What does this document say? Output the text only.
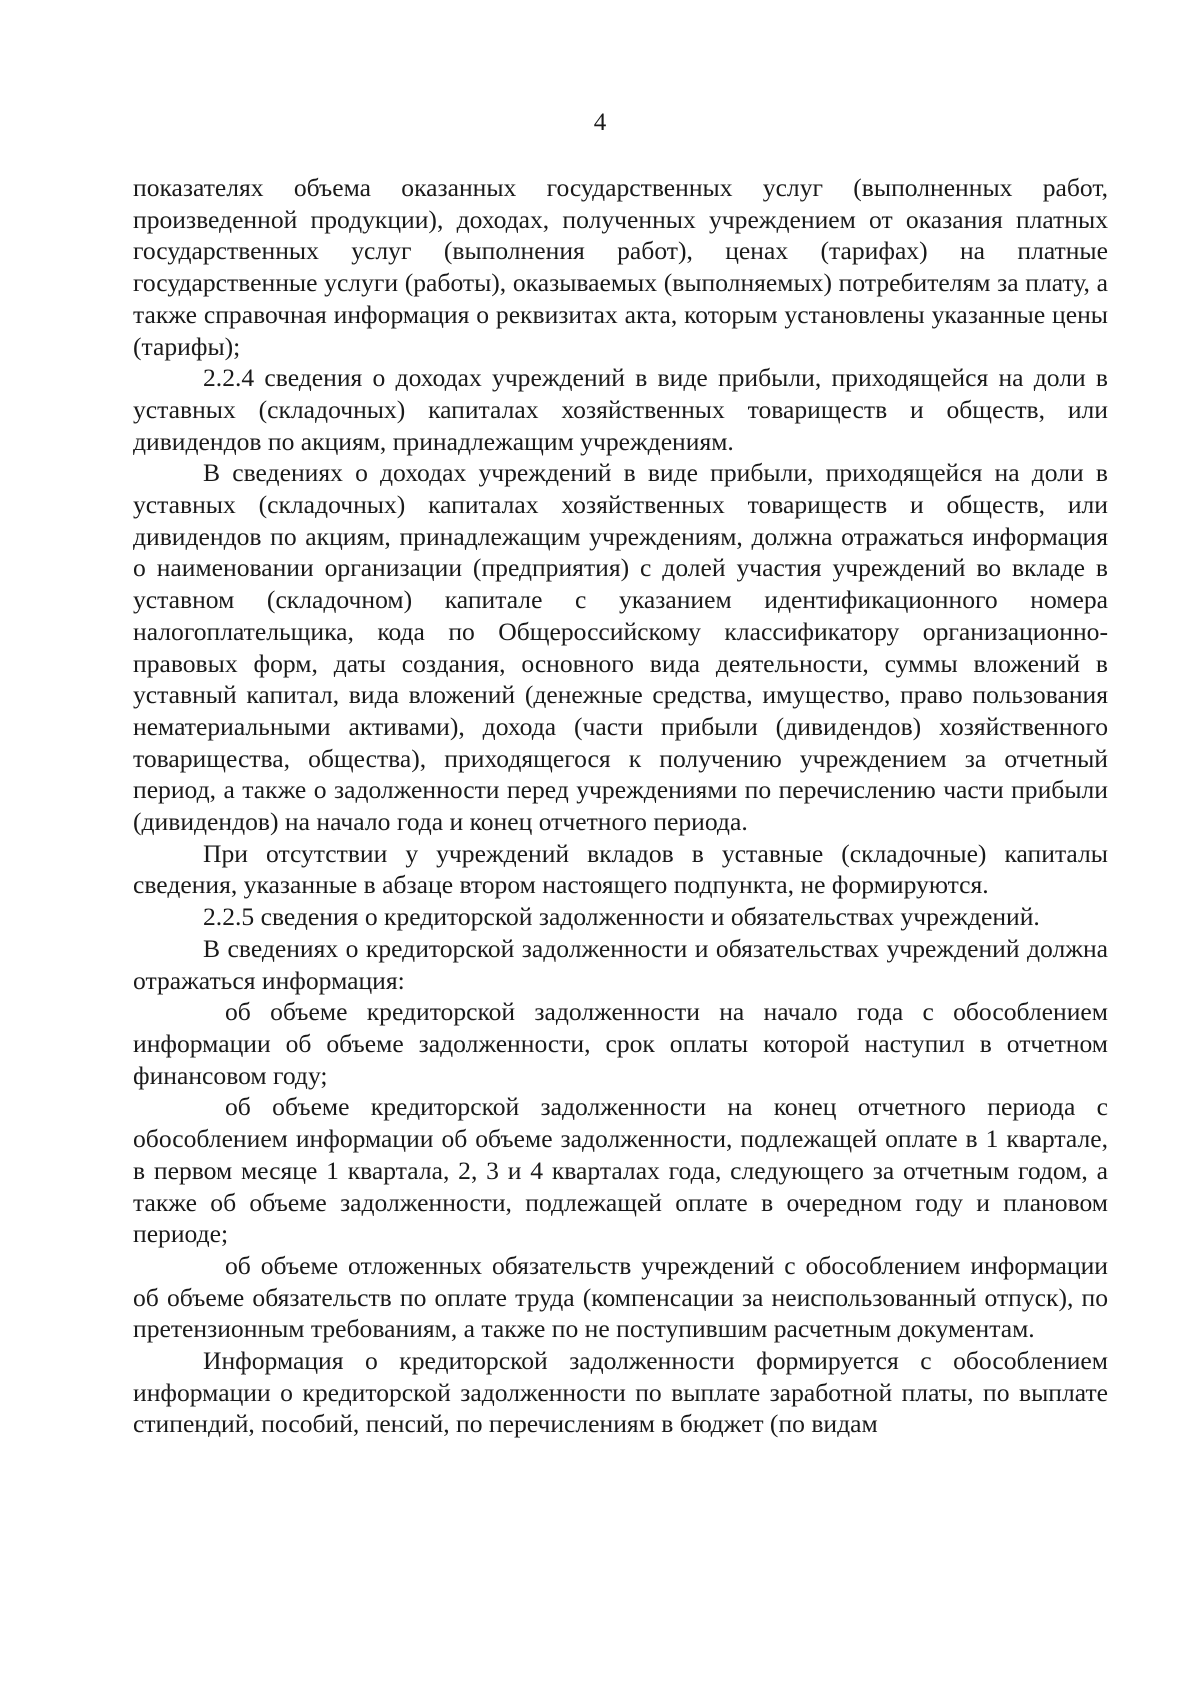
4

показателях объема оказанных государственных услуг (выполненных работ, произведенной продукции), доходах, полученных учреждением от оказания платных государственных услуг (выполнения работ), ценах (тарифах) на платные государственные услуги (работы), оказываемых (выполняемых) потребителям за плату, а также справочная информация о реквизитах акта, которым установлены указанные цены (тарифы);

2.2.4 сведения о доходах учреждений в виде прибыли, приходящейся на доли в уставных (складочных) капиталах хозяйственных товариществ и обществ, или дивидендов по акциям, принадлежащим учреждениям.

В сведениях о доходах учреждений в виде прибыли, приходящейся на доли в уставных (складочных) капиталах хозяйственных товариществ и обществ, или дивидендов по акциям, принадлежащим учреждениям, должна отражаться информация о наименовании организации (предприятия) с долей участия учреждений во вкладе в уставном (складочном) капитале с указанием идентификационного номера налогоплательщика, кода по Общероссийскому классификатору организационно-правовых форм, даты создания, основного вида деятельности, суммы вложений в уставный капитал, вида вложений (денежные средства, имущество, право пользования нематериальными активами), дохода (части прибыли (дивидендов) хозяйственного товарищества, общества), приходящегося к получению учреждением за отчетный период, а также о задолженности перед учреждениями по перечислению части прибыли (дивидендов) на начало года и конец отчетного периода.

При отсутствии у учреждений вкладов в уставные (складочные) капиталы сведения, указанные в абзаце втором настоящего подпункта, не формируются.

2.2.5 сведения о кредиторской задолженности и обязательствах учреждений.

В сведениях о кредиторской задолженности и обязательствах учреждений должна отражаться информация:

об объеме кредиторской задолженности на начало года с обособлением информации об объеме задолженности, срок оплаты которой наступил в отчетном финансовом году;

об объеме кредиторской задолженности на конец отчетного периода с обособлением информации об объеме задолженности, подлежащей оплате в 1 квартале, в первом месяце 1 квартала, 2, 3 и 4 кварталах года, следующего за отчетным годом, а также об объеме задолженности, подлежащей оплате в очередном году и плановом периоде;

об объеме отложенных обязательств учреждений с обособлением информации об объеме обязательств по оплате труда (компенсации за неиспользованный отпуск), по претензионным требованиям, а также по не поступившим расчетным документам.

Информация о кредиторской задолженности формируется с обособлением информации о кредиторской задолженности по выплате заработной платы, по выплате стипендий, пособий, пенсий, по перечислениям в бюджет (по видам
